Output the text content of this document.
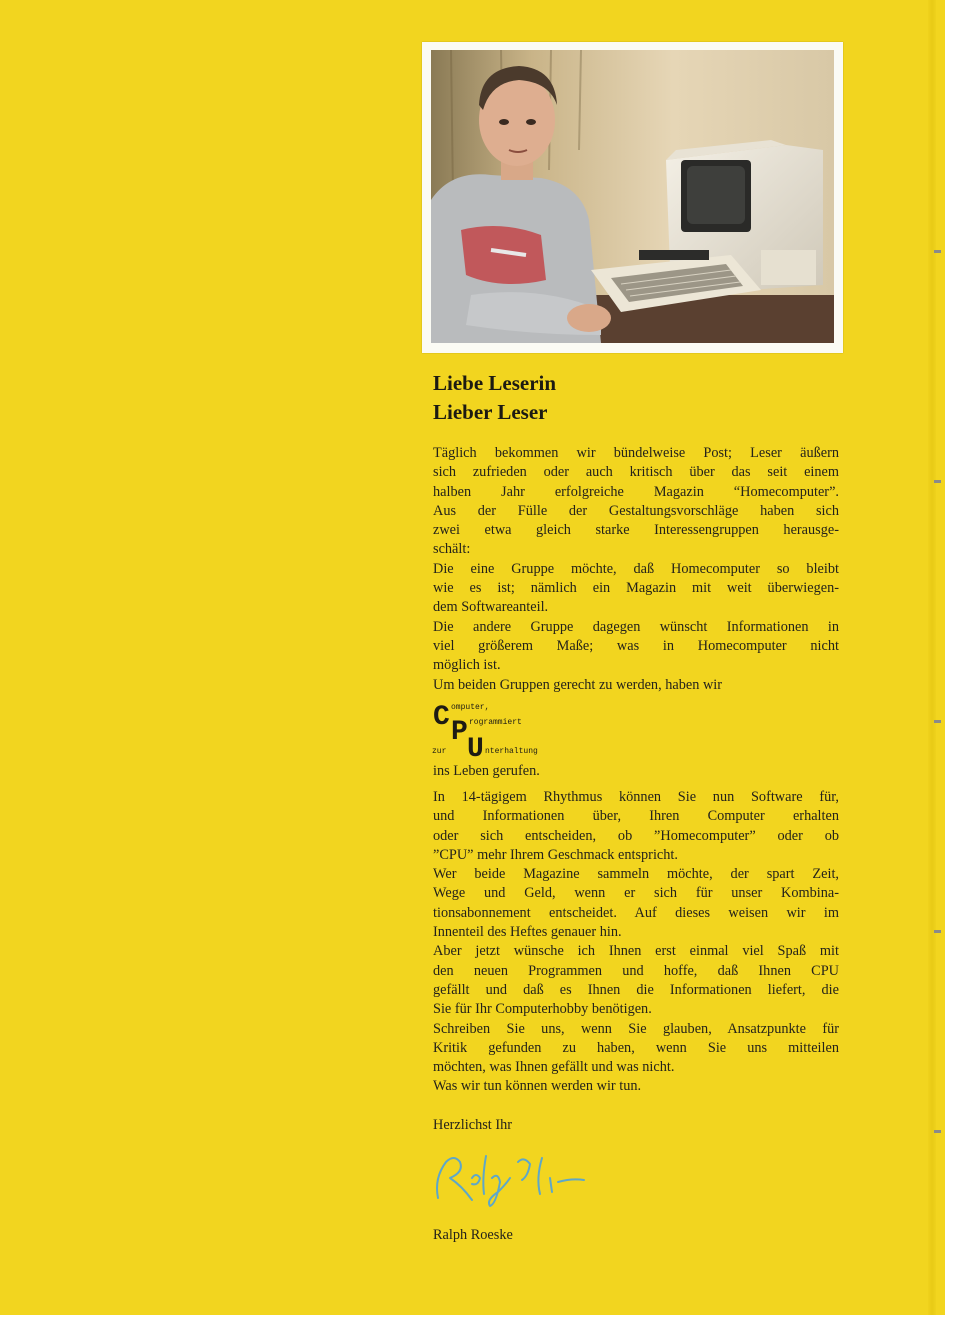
Liebe Leserin
Lieber Leser
Täglich bekommen wir bündelweise Post; Leser äußern
sich zufrieden oder auch kritisch über das seit einem
halben Jahr erfolgreiche Magazin “Homecomputer”.
Aus der Fülle der Gestaltungsvorschläge haben sich
zwei etwa gleich starke Interessengruppen herausge-
schält:
Die eine Gruppe möchte, daß Homecomputer so bleibt
wie es ist; nämlich ein Magazin mit weit überwiegen-
dem Softwareanteil.
Die andere Gruppe dagegen wünscht Informationen in
viel größerem Maße; was in Homecomputer nicht
möglich ist.
Um beiden Gruppen gerecht zu werden, haben wir
C P
U
omputer,
rogrammiert
zur	nterhaltung

ins Leben gerufen.

In 14-tägigem Rhythmus können Sie nun Software für,
und Informationen über, Ihren Computer erhalten
oder sich entscheiden, ob ”Homecomputer” oder ob
”CPU” mehr Ihrem Geschmack entspricht.
Wer beide Magazine sammeln möchte, der spart Zeit,
Wege und Geld, wenn er sich für unser Kombina-
tionsabonnement entscheidet. Auf dieses weisen wir im
Innenteil des Heftes genauer hin.
Aber jetzt wünsche ich Ihnen erst einmal viel Spaß mit
den neuen Programmen und hoffe, daß Ihnen CPU
gefällt und daß es Ihnen die Informationen liefert, die
Sie für Ihr Computerhobby benötigen.
Schreiben Sie uns, wenn Sie glauben, Ansatzpunkte für
Kritik gefunden zu haben, wenn Sie uns mitteilen
möchten, was Ihnen gefällt und was nicht.
Was wir tun können werden wir tun.

Herzlichst Ihr

Ralph Roeske
